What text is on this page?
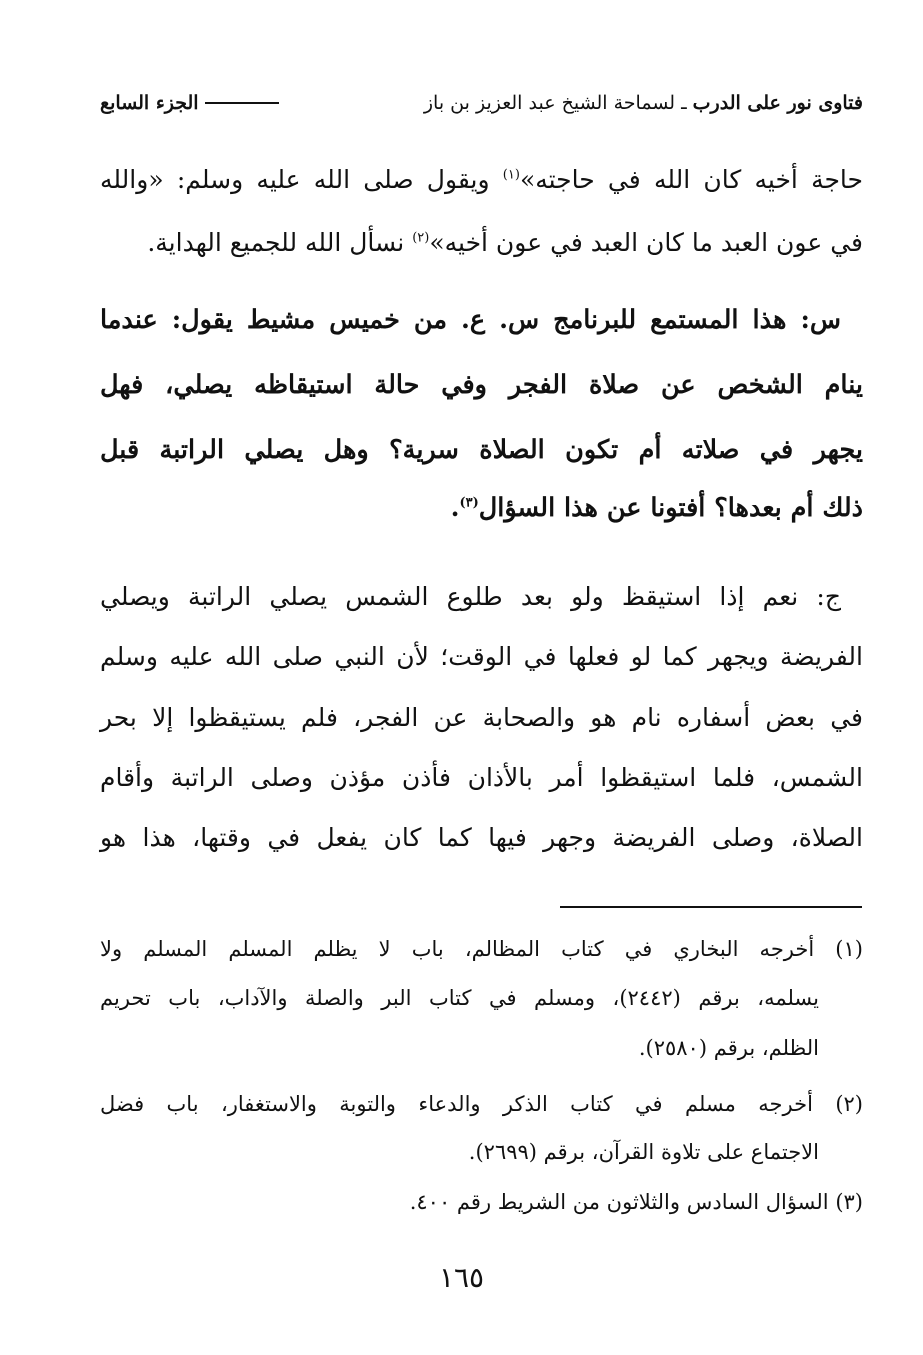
الجزء السابع	فتاوى نور على الدرب
ـ
لسماحة الشيخ عبد العزيز بن باز
حاجة أخيه كان الله في حاجته»$^{(١)}$ ويقول صلى الله عليه وسلم: «والله
في عون العبد ما كان العبد في عون أخيه»$^{(٢)}$ نسأل الله للجميع الهداية.
س: هذا المستمع للبرنامج س. ع. من خميس مشيط يقول: عندما
ينام الشخص عن صلاة الفجر وفي حالة استيقاظه يصلي، فهل
يجهر في صلاته أم تكون الصلاة سرية؟ وهل يصلي الراتبة قبل
ذلك أم بعدها؟ أفتونا عن هذا السؤال$^{(٣)}$.
ج: نعم إذا استيقظ ولو بعد طلوع الشمس يصلي الراتبة ويصلي
الفريضة ويجهر كما لو فعلها في الوقت؛ لأن النبي صلى الله عليه وسلم
في بعض أسفاره نام هو والصحابة عن الفجر، فلم يستيقظوا إلا بحر
الشمس، فلما استيقظوا أمر بالأذان فأذن مؤذن وصلى الراتبة وأقام
الصلاة، وصلى الفريضة وجهر فيها كما كان يفعل في وقتها، هذا هو
(١) أخرجه البخاري في كتاب المظالم، باب لا يظلم المسلم المسلم ولا
يسلمه، برقم (٢٤٤٢)، ومسلم في كتاب البر والصلة والآداب، باب تحريم
الظلم، برقم (٢٥٨٠).
(٢) أخرجه مسلم في كتاب الذكر والدعاء والتوبة والاستغفار، باب فضل
الاجتماع على تلاوة القرآن، برقم (٢٦٩٩).
(٣) السؤال السادس والثلاثون من الشريط رقم ٤٠٠.
١٦٥
